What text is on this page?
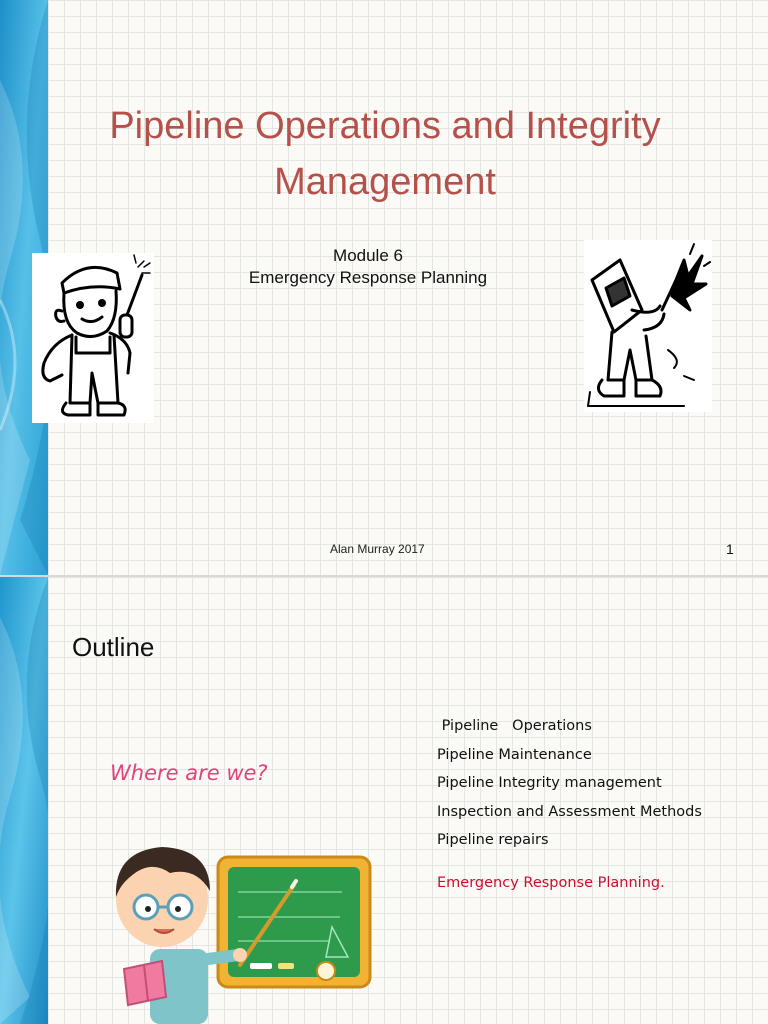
Pipeline Operations and Integrity Management
Module 6
Emergency Response Planning
Alan Murray 2017	1
Outline
Where are we?
Pipeline   Operations
Pipeline Maintenance
Pipeline Integrity management
Inspection and Assessment Methods
Pipeline repairs
Emergency Response Planning.
